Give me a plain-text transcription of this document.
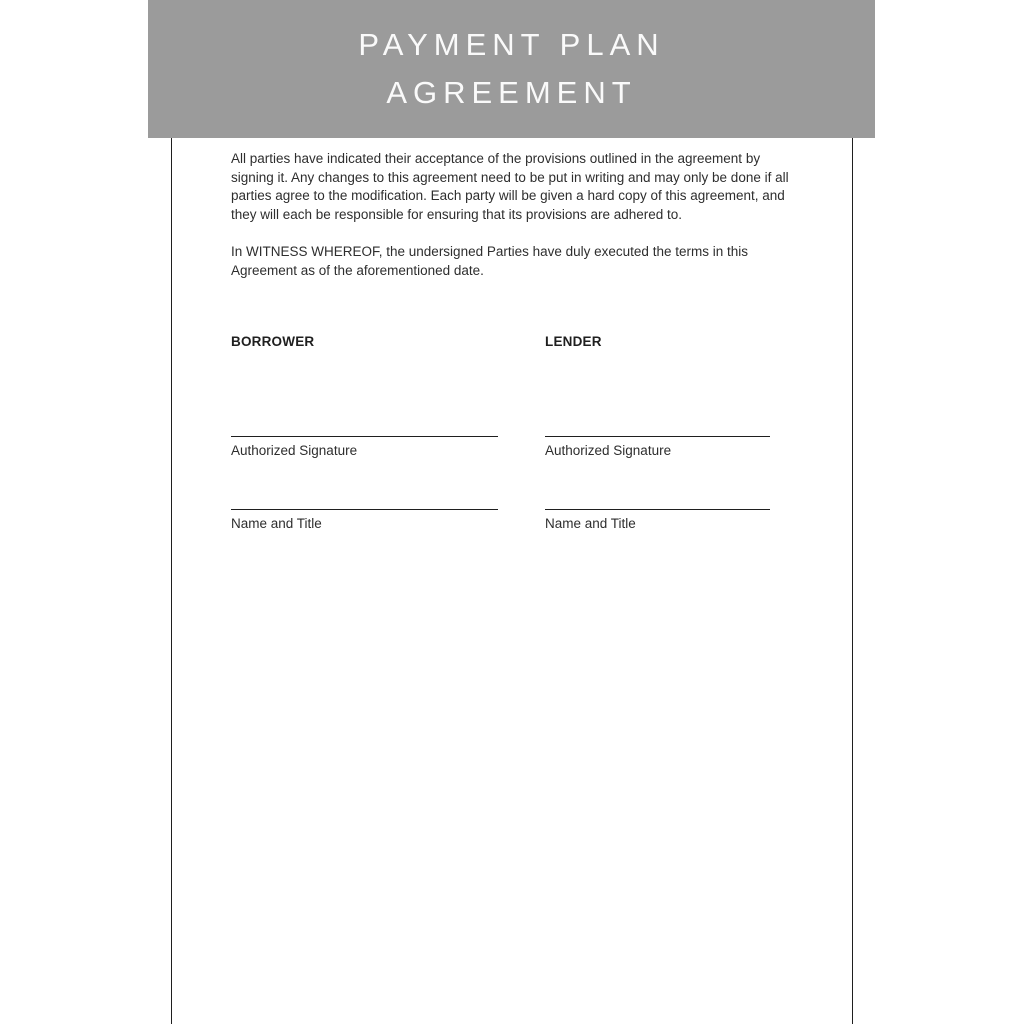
PAYMENT PLAN
AGREEMENT
All parties have indicated their acceptance of the provisions outlined in the agreement by signing it. Any changes to this agreement need to be put in writing and may only be done if all parties agree to the modification. Each party will be given a hard copy of this agreement, and they will each be responsible for ensuring that its provisions are adhered to.
In WITNESS WHEREOF, the undersigned Parties have duly executed the terms in this Agreement as of the aforementioned date.
BORROWER	LENDER
Authorized Signature	Authorized Signature
Name and Title	Name and Title
